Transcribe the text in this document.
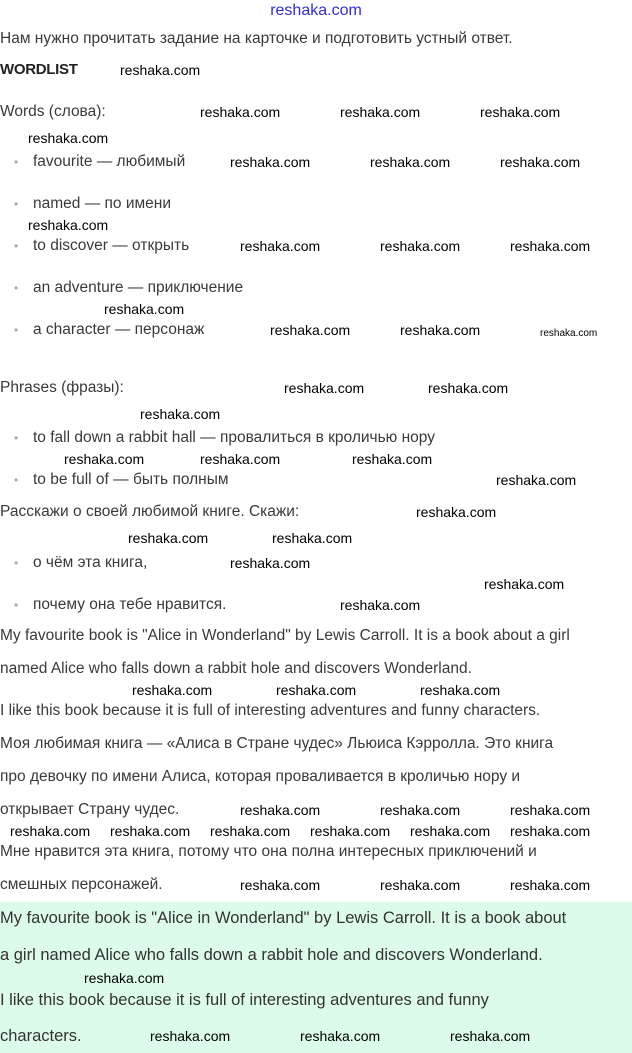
reshaka.com
Нам нужно прочитать задание на карточке и подготовить устный ответ.
WORDLIST
Words (слова):
• favourite — любимый
• named — по имени
• to discover — открыть
• an adventure — приключение
• a character — персонаж
Phrases (фразы):
• to fall down a rabbit hall — провалиться в кроличью нору
• to be full of — быть полным
Расскажи о своей любимой книге. Скажи:
• о чём эта книга,
• почему она тебе нравится.
My favourite book is "Alice in Wonderland" by Lewis Carroll. It is a book about a girl
named Alice who falls down a rabbit hole and discovers Wonderland.
I like this book because it is full of interesting adventures and funny characters.
Моя любимая книга — «Алиса в Стране чудес» Льюиса Кэрролла. Это книга
про девочку по имени Алиса, которая проваливается в кроличью нору и
открывает Страну чудес.
Мне нравится эта книга, потому что она полна интересных приключений и
смешных персонажей.
My favourite book is "Alice in Wonderland" by Lewis Carroll. It is a book about
a girl named Alice who falls down a rabbit hole and discovers Wonderland.
I like this book because it is full of interesting adventures and funny
characters.
reshaka.com
reshaka.com	reshaka.com	reshaka.com
reshaka.com
reshaka.com	reshaka.com	reshaka.com
reshaka.com
reshaka.com	reshaka.com	reshaka.com
reshaka.com
reshaka.com	reshaka.com	reshaka.com
reshaka.com
reshaka.com	reshaka.com
reshaka.com
reshaka.com
reshaka.com	reshaka.com
reshaka.com
reshaka.com	reshaka.com
reshaka.com
reshaka.com
reshaka.com
reshaka.com	reshaka.com	reshaka.com
reshaka.com	reshaka.com	reshaka.com
reshaka.com reshaka.com reshaka.com reshaka.com reshaka.com reshaka.com
reshaka.com	reshaka.com	reshaka.com
reshaka.com	reshaka.com	reshaka.com
reshaka.com
